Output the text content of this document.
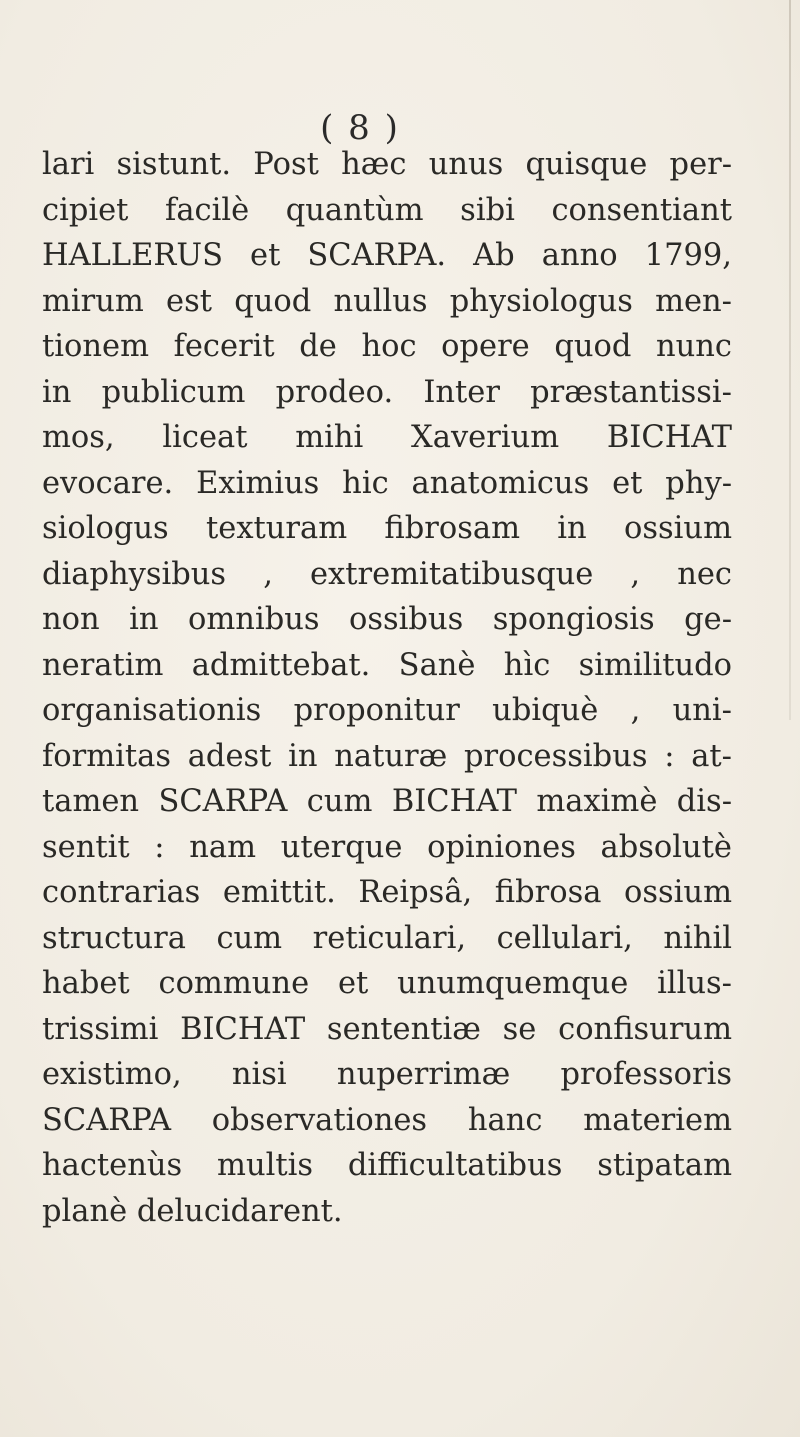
( 8 )
lari sistunt. Post hæc unus quisque per-
cipiet facilè quantùm sibi consentiant
HALLERUS et SCARPA. Ab anno 1799,
mirum est quod nullus physiologus men-
tionem fecerit de hoc opere quod nunc
in publicum prodeo. Inter præstantissi-
mos, liceat mihi Xaverium BICHAT
evocare. Eximius hic anatomicus et phy-
siologus texturam fibrosam in ossium
diaphysibus , extremitatibusque , nec
non in omnibus ossibus spongiosis ge-
neratim admittebat. Sanè hìc similitudo
organisationis proponitur ubiquè , uni-
formitas adest in naturæ processibus : at-
tamen SCARPA cum BICHAT maximè dis-
sentit : nam uterque opiniones absolutè
contrarias emittit. Reipsâ, fibrosa ossium
structura cum reticulari, cellulari, nihil
habet commune et unumquemque illus-
trissimi BICHAT sententiæ se confisurum
existimo, nisi nuperrimæ professoris
SCARPA observationes hanc materiem
hactenùs multis difficultatibus stipatam
planè delucidarent.
